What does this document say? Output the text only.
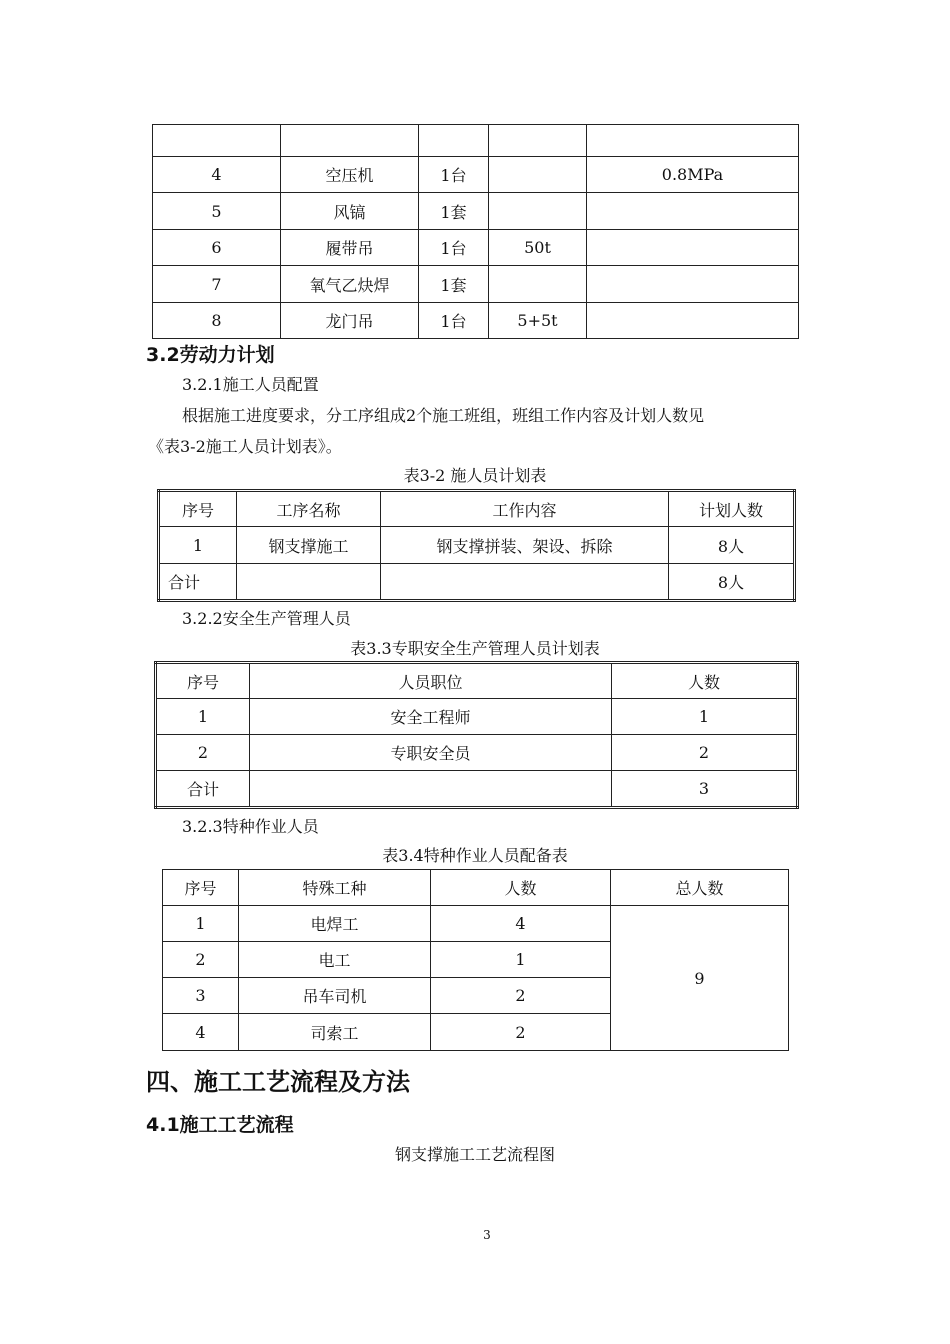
4	空压机	1台		0.8MPa
5	风镐	1套		
6	履带吊	1台	50t	
7	氧气乙炔焊	1套		
8	龙门吊	1台	5+5t	
3.2劳动力计划
3.2.1施工人员配置
根据施工进度要求，分工序组成2个施工班组，班组工作内容及计划人数见
《表3-2施工人员计划表》。
表3-2 施人员计划表
序号	工序名称	工作内容	计划人数
1	钢支撑施工	钢支撑拼装、架设、拆除	8人
合计			8人
3.2.2安全生产管理人员
表3.3专职安全生产管理人员计划表
序号	人员职位	人数
1	安全工程师	1
2	专职安全员	2
合计		3
3.2.3特种作业人员
表3.4特种作业人员配备表
序号	特殊工种	人数	总人数
1	电焊工	4	9
2	电工	1	
3	吊车司机	2	
4	司索工	2	
四、施工工艺流程及方法
4.1施工工艺流程
钢支撑施工工艺流程图
3
